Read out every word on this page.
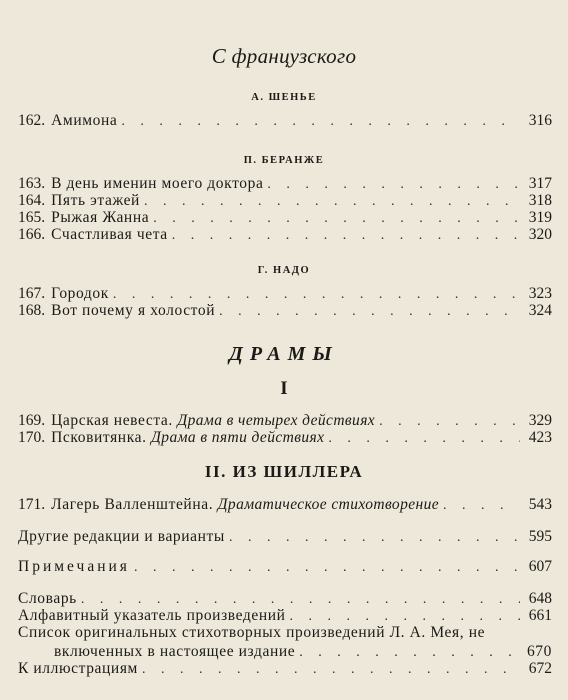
С французского
А. ШЕНЬЕ
162. Амимона . . .	316
П. БЕРАНЖЕ
163. В день именин моего доктора . . .	317
164. Пять этажей . . .	318
165. Рыжая Жанна . . .	319
166. Счастливая чета . . .	320
Г. НАДО
167. Городок . . .	323
168. Вот почему я холостой . . .	324
ДРАМЫ
I
169. Царская невеста. Драма в четырех действиях . . .	329
170. Псковитянка. Драма в пяти действиях . . .	423
II. ИЗ ШИЛЛЕРА
171. Лагерь Валленштейна. Драматическое стихотворение . . .	543
Другие редакции и варианты . . .	595
Примечания . . .	607
Словарь . . .	648
Алфавитный указатель произведений . . .	661
Список оригинальных стихотворных произведений Л. А. Мея, не
включенных в настоящее издание . . .	670
К иллюстрациям . . .	672
